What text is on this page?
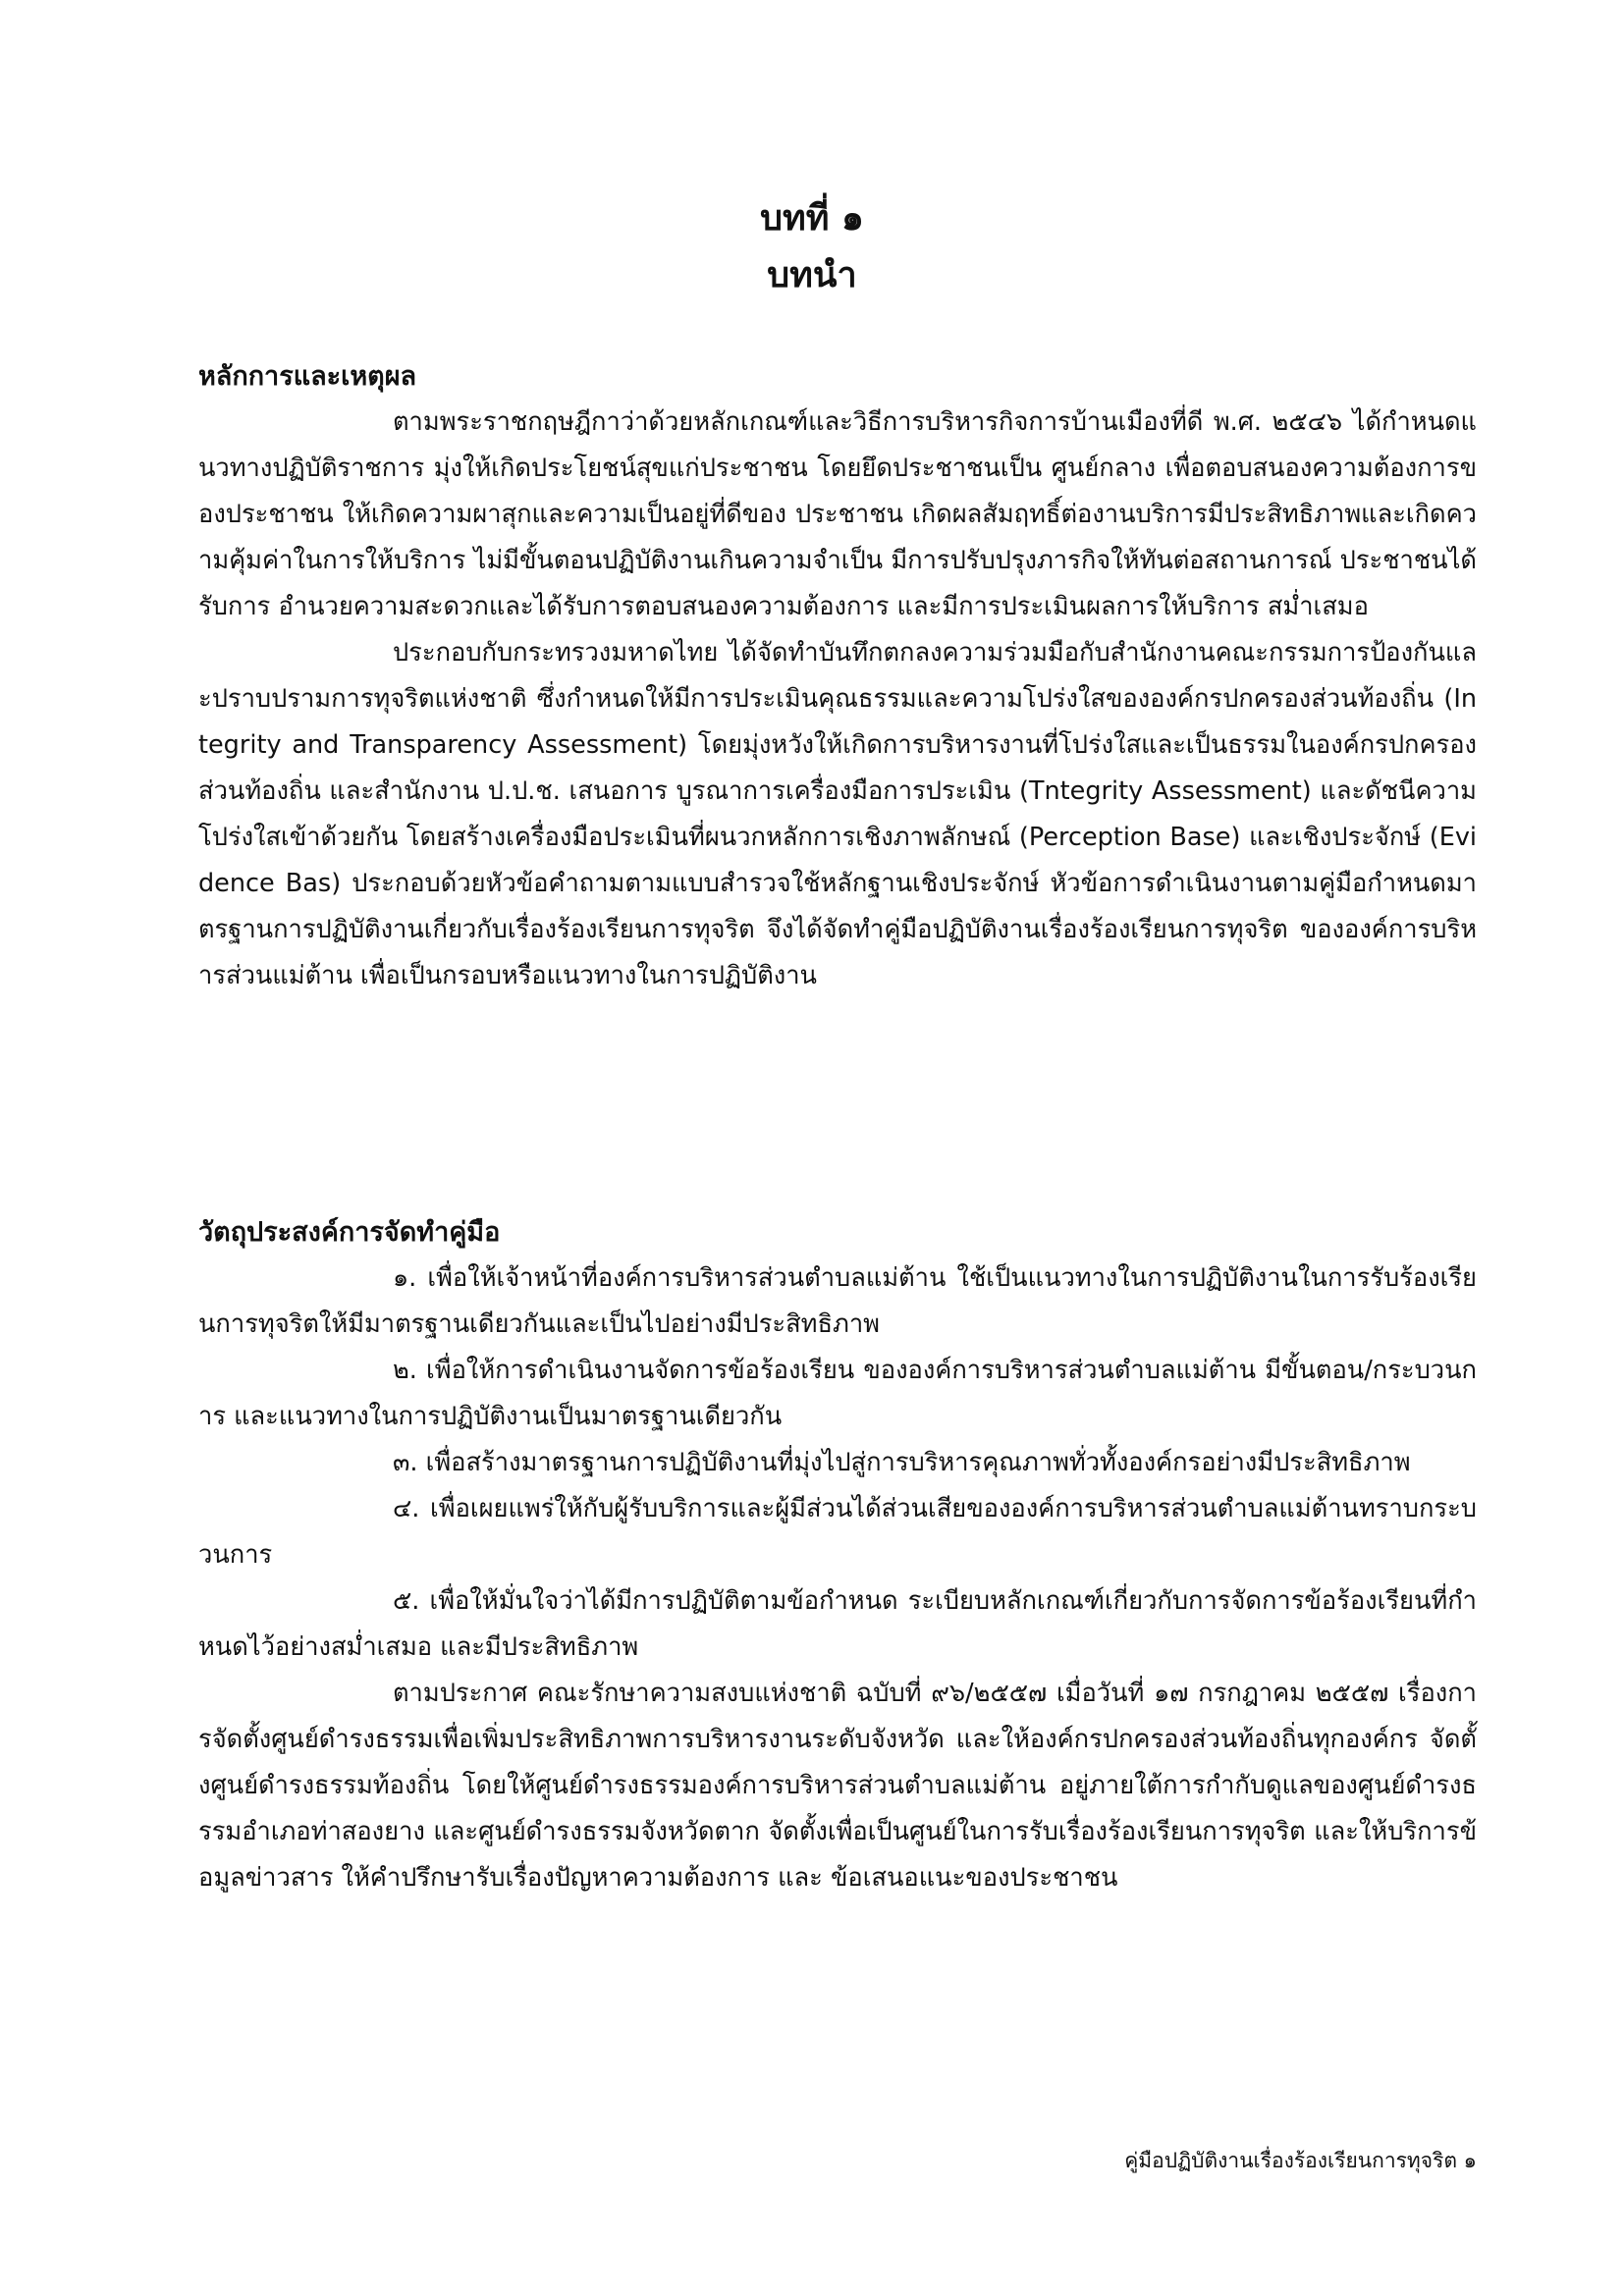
บทที่ ๑
บทนำ

หลักการและเหตุผล

ตามพระราชกฤษฎีกาว่าด้วยหลักเกณฑ์และวิธีการบริหารกิจการบ้านเมืองที่ดี พ.ศ. ๒๕๔๖ ได้กำหนดแนวทางปฏิบัติราชการ มุ่งให้เกิดประโยชน์สุขแก่ประชาชน โดยยึดประชาชนเป็น ศูนย์กลาง เพื่อตอบสนองความต้องการของประชาชน ให้เกิดความผาสุกและความเป็นอยู่ที่ดีของ ประชาชน เกิดผลสัมฤทธิ์ต่องานบริการมีประสิทธิภาพและเกิดความคุ้มค่าในการให้บริการ ไม่มีขั้นตอนปฏิบัติงานเกินความจำเป็น มีการปรับปรุงภารกิจให้ทันต่อสถานการณ์ ประชาชนได้รับการ อำนวยความสะดวกและได้รับการตอบสนองความต้องการ และมีการประเมินผลการให้บริการ สม่ำเสมอ

ประกอบกับกระทรวงมหาดไทย ได้จัดทำบันทึกตกลงความร่วมมือกับสำนักงานคณะกรรมการป้องกันและปราบปรามการทุจริตแห่งชาติ ซึ่งกำหนดให้มีการประเมินคุณธรรมและความโปร่งใสขององค์กรปกครองส่วนท้องถิ่น (Integrity and Transparency Assessment) โดยมุ่งหวังให้เกิดการบริหารงานที่โปร่งใสและเป็นธรรมในองค์กรปกครองส่วนท้องถิ่น และสำนักงาน ป.ป.ช. เสนอการ บูรณาการเครื่องมือการประเมิน (Tntegrity Assessment) และดัชนีความโปร่งใสเข้าด้วยกัน โดยสร้างเครื่องมือประเมินที่ผนวกหลักการเชิงภาพลักษณ์ (Perception Base) และเชิงประจักษ์ (Evidence Bas) ประกอบด้วยหัวข้อคำถามตามแบบสำรวจใช้หลักฐานเชิงประจักษ์ หัวข้อการดำเนินงานตามคู่มือกำหนดมาตรฐานการปฏิบัติงานเกี่ยวกับเรื่องร้องเรียนการทุจริต จึงได้จัดทำคู่มือปฏิบัติงานเรื่องร้องเรียนการทุจริต ขององค์การบริหารส่วนแม่ต้าน เพื่อเป็นกรอบหรือแนวทางในการปฏิบัติงาน

วัตถุประสงค์การจัดทำคู่มือ

๑. เพื่อให้เจ้าหน้าที่องค์การบริหารส่วนตำบลแม่ต้าน ใช้เป็นแนวทางในการปฏิบัติงานในการรับร้องเรียนการทุจริตให้มีมาตรฐานเดียวกันและเป็นไปอย่างมีประสิทธิภาพ

๒. เพื่อให้การดำเนินงานจัดการข้อร้องเรียน ขององค์การบริหารส่วนตำบลแม่ต้าน มีขั้นตอน/กระบวนการ และแนวทางในการปฏิบัติงานเป็นมาตรฐานเดียวกัน

๓. เพื่อสร้างมาตรฐานการปฏิบัติงานที่มุ่งไปสู่การบริหารคุณภาพทั่วทั้งองค์กรอย่างมีประสิทธิภาพ

๔. เพื่อเผยแพร่ให้กับผู้รับบริการและผู้มีส่วนได้ส่วนเสียขององค์การบริหารส่วนตำบลแม่ต้านทราบกระบวนการ

๕. เพื่อให้มั่นใจว่าได้มีการปฏิบัติตามข้อกำหนด ระเบียบหลักเกณฑ์เกี่ยวกับการจัดการข้อร้องเรียนที่กำหนดไว้อย่างสม่ำเสมอ และมีประสิทธิภาพ

ตามประกาศ คณะรักษาความสงบแห่งชาติ ฉบับที่ ๙๖/๒๕๕๗ เมื่อวันที่ ๑๗ กรกฎาคม ๒๕๕๗ เรื่องการจัดตั้งศูนย์ดำรงธรรมเพื่อเพิ่มประสิทธิภาพการบริหารงานระดับจังหวัด และให้องค์กรปกครองส่วนท้องถิ่นทุกองค์กร จัดตั้งศูนย์ดำรงธรรมท้องถิ่น โดยให้ศูนย์ดำรงธรรมองค์การบริหารส่วนตำบลแม่ต้าน อยู่ภายใต้การกำกับดูแลของศูนย์ดำรงธรรมอำเภอท่าสองยาง และศูนย์ดำรงธรรมจังหวัดตาก จัดตั้งเพื่อเป็นศูนย์ในการรับเรื่องร้องเรียนการทุจริต และให้บริการข้อมูลข่าวสาร ให้คำปรึกษารับเรื่องปัญหาความต้องการ และ ข้อเสนอแนะของประชาชน

คู่มือปฏิบัติงานเรื่องร้องเรียนการทุจริต ๑
